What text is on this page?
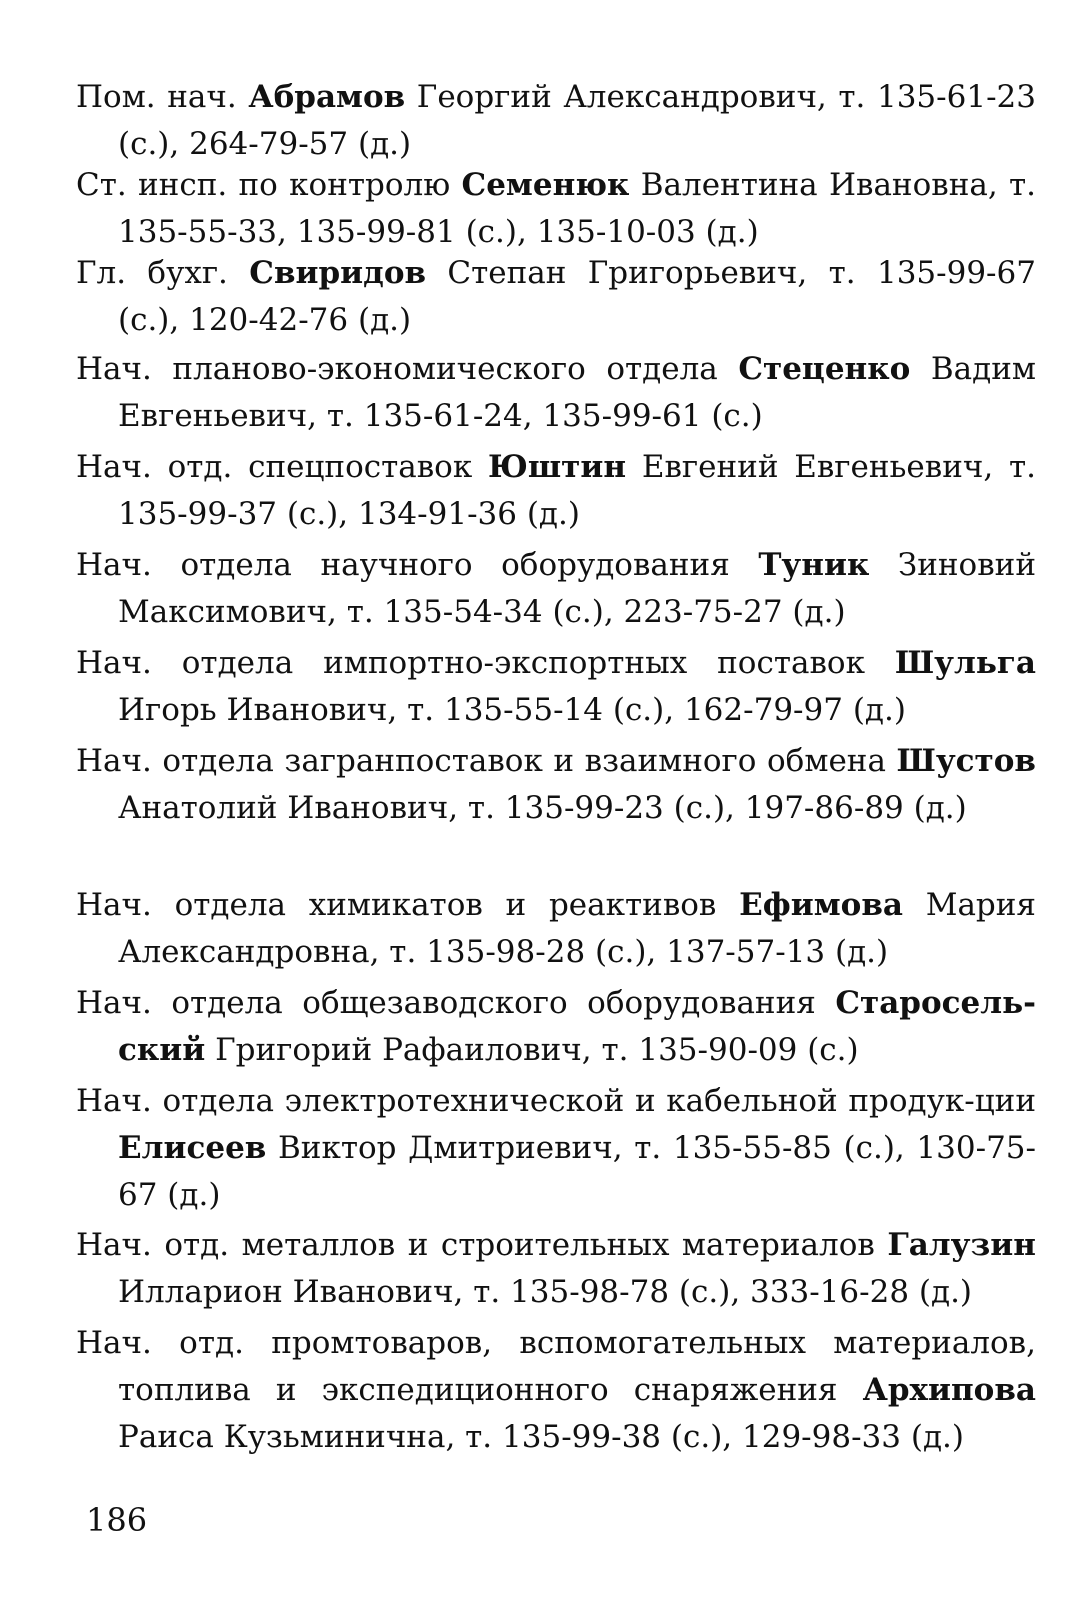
Пом. нач. Абрамов Георгий Александрович, т. 135-61-23 (с.), 264-79-57 (д.)
Ст. инсп. по контролю Семенюк Валентина Ивановна, т. 135-55-33, 135-99-81 (с.), 135-10-03 (д.)
Гл. бухг. Свиридов Степан Григорьевич, т. 135-99-67 (с.), 120-42-76 (д.)
Нач. планово-экономического отдела Стеценко Вадим Евгеньевич, т. 135-61-24, 135-99-61 (с.)
Нач. отд. спецпоставок Юштин Евгений Евгеньевич, т. 135-99-37 (с.), 134-91-36 (д.)
Нач. отдела научного оборудования Туник Зиновий Максимович, т. 135-54-34 (с.), 223-75-27 (д.)
Нач. отдела импортно-экспортных поставок Шульга Игорь Иванович, т. 135-55-14 (с.), 162-79-97 (д.)
Нач. отдела загранпоставок и взаимного обмена Шустов Анатолий Иванович, т. 135-99-23 (с.), 197-86-89 (д.)
Нач. отдела химикатов и реактивов Ефимова Мария Александровна, т. 135-98-28 (с.), 137-57-13 (д.)
Нач. отдела общезаводского оборудования Старосель-ский Григорий Рафаилович, т. 135-90-09 (с.)
Нач. отдела электротехнической и кабельной продук-ции Елисеев Виктор Дмитриевич, т. 135-55-85 (с.), 130-75-67 (д.)
Нач. отд. металлов и строительных материалов Галузин Илларион Иванович, т. 135-98-78 (с.), 333-16-28 (д.)
Нач. отд. промтоваров, вспомогательных материалов, топлива и экспедиционного снаряжения Архипова Раиса Кузьминична, т. 135-99-38 (с.), 129-98-33 (д.)
186
